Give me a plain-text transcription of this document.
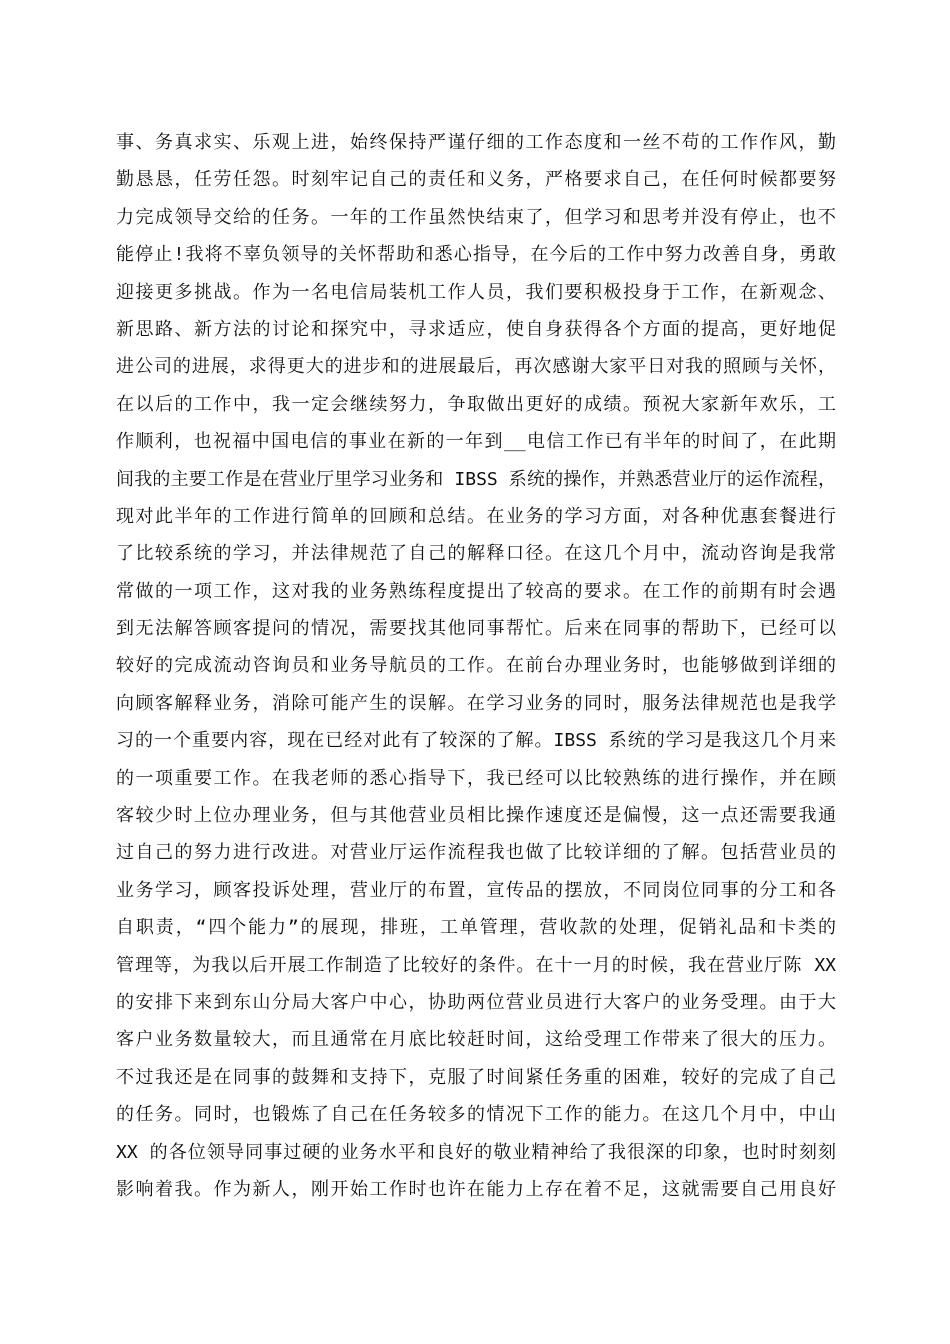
事、务真求实、乐观上进，始终保持严谨仔细的工作态度和一丝不苟的工作作风，勤
勤恳恳，任劳任怨。时刻牢记自己的责任和义务，严格要求自己，在任何时候都要努
力完成领导交给的任务。一年的工作虽然快结束了，但学习和思考并没有停止，也不
能停止!我将不辜负领导的关怀帮助和悉心指导，在今后的工作中努力改善自身，勇敢
迎接更多挑战。作为一名电信局装机工作人员，我们要积极投身于工作，在新观念、
新思路、新方法的讨论和探究中，寻求适应，使自身获得各个方面的提高，更好地促
进公司的进展，求得更大的进步和的进展最后，再次感谢大家平日对我的照顾与关怀，
在以后的工作中，我一定会继续努力，争取做出更好的成绩。预祝大家新年欢乐，工
作顺利，也祝福中国电信的事业在新的一年到__电信工作已有半年的时间了，在此期
间我的主要工作是在营业厅里学习业务和 IBSS 系统的操作，并熟悉营业厅的运作流程，
现对此半年的工作进行简单的回顾和总结。在业务的学习方面，对各种优惠套餐进行
了比较系统的学习，并法律规范了自己的解释口径。在这几个月中，流动咨询是我常
常做的一项工作，这对我的业务熟练程度提出了较高的要求。在工作的前期有时会遇
到无法解答顾客提问的情况，需要找其他同事帮忙。后来在同事的帮助下，已经可以
较好的完成流动咨询员和业务导航员的工作。在前台办理业务时，也能够做到详细的
向顾客解释业务，消除可能产生的误解。在学习业务的同时，服务法律规范也是我学
习的一个重要内容，现在已经对此有了较深的了解。IBSS 系统的学习是我这几个月来
的一项重要工作。在我老师的悉心指导下，我已经可以比较熟练的进行操作，并在顾
客较少时上位办理业务，但与其他营业员相比操作速度还是偏慢，这一点还需要我通
过自己的努力进行改进。对营业厅运作流程我也做了比较详细的了解。包括营业员的
业务学习，顾客投诉处理，营业厅的布置，宣传品的摆放，不同岗位同事的分工和各
自职责，“四个能力”的展现，排班，工单管理，营收款的处理，促销礼品和卡类的
管理等，为我以后开展工作制造了比较好的条件。在十一月的时候，我在营业厅陈 XX
的安排下来到东山分局大客户中心，协助两位营业员进行大客户的业务受理。由于大
客户业务数量较大，而且通常在月底比较赶时间，这给受理工作带来了很大的压力。
不过我还是在同事的鼓舞和支持下，克服了时间紧任务重的困难，较好的完成了自己
的任务。同时，也锻炼了自己在任务较多的情况下工作的能力。在这几个月中，中山
XX 的各位领导同事过硬的业务水平和良好的敬业精神给了我很深的印象，也时时刻刻
影响着我。作为新人，刚开始工作时也许在能力上存在着不足，这就需要自己用良好
